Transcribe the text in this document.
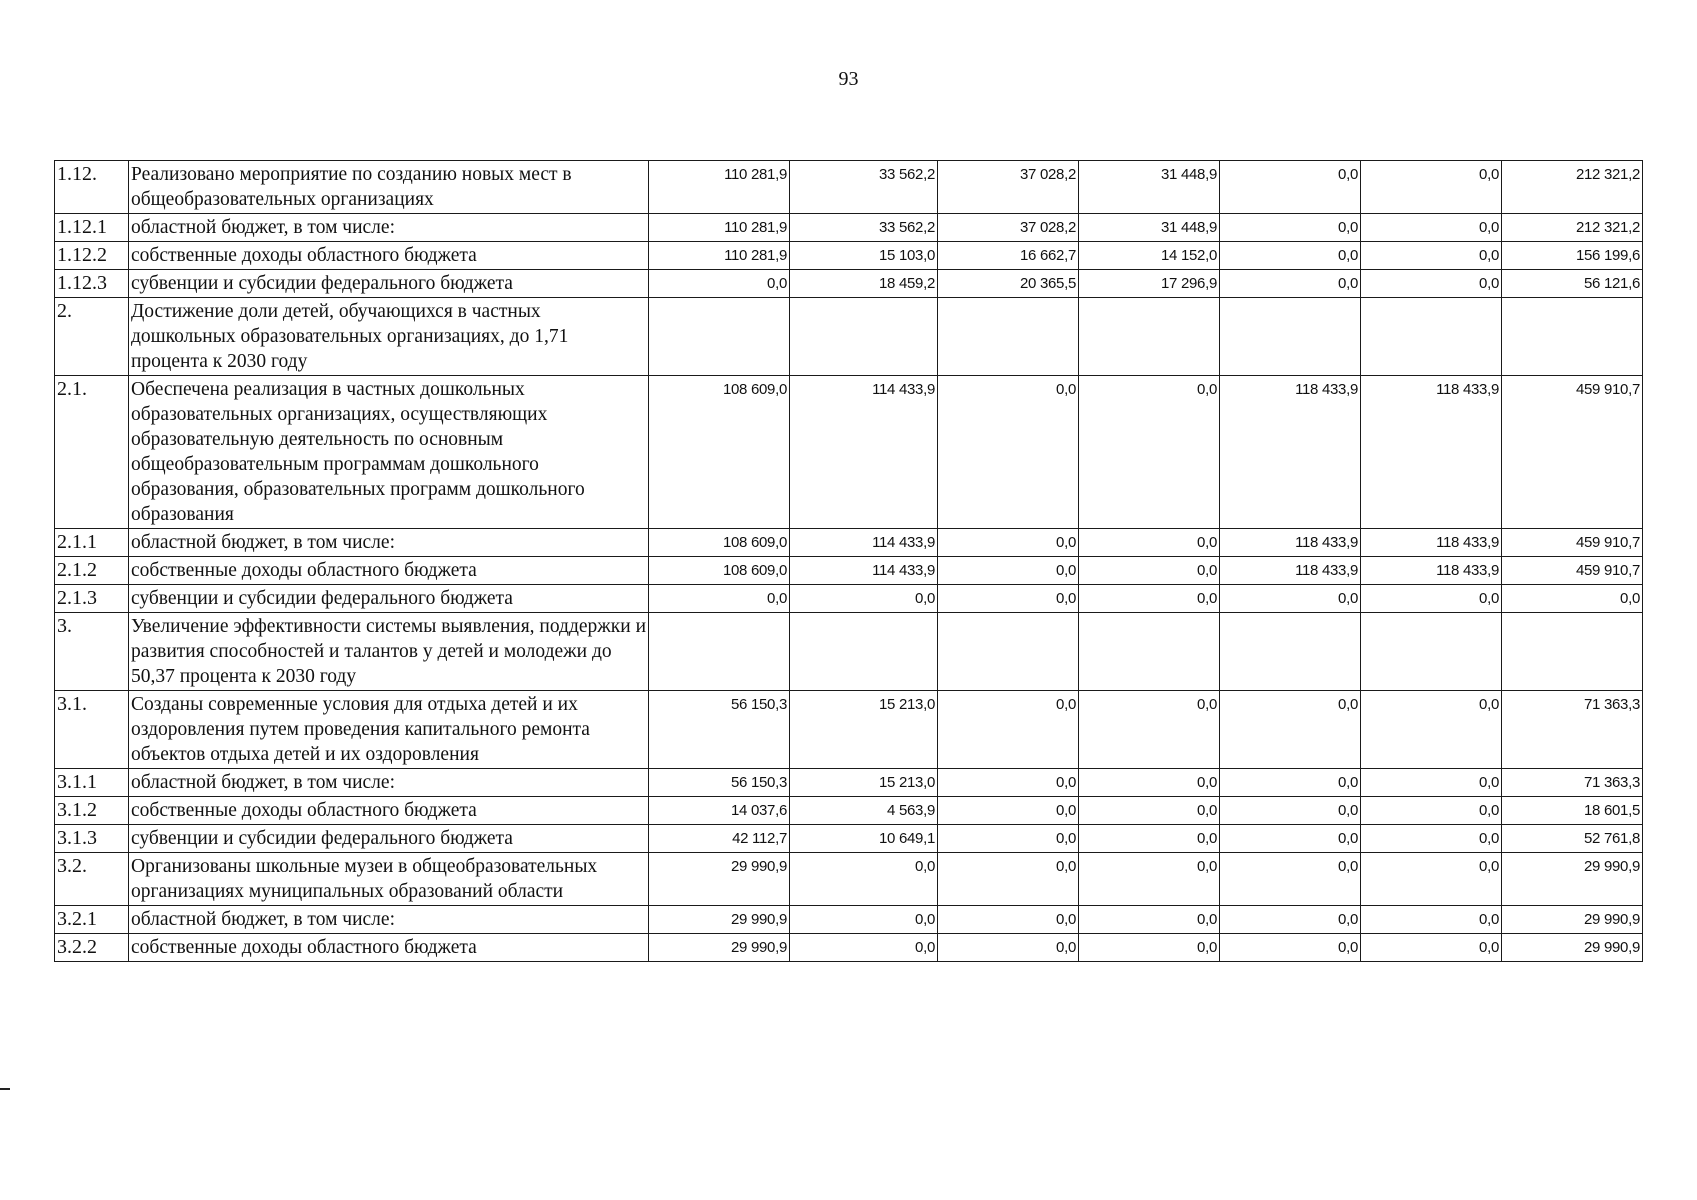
93
1.12.	Реализовано мероприятие по созданию новых мест в общеобразовательных организациях	110 281,9	33 562,2	37 028,2	31 448,9	0,0	0,0	212 321,2
1.12.1	областной бюджет, в том числе:	110 281,9	33 562,2	37 028,2	31 448,9	0,0	0,0	212 321,2
1.12.2	собственные доходы областного бюджета	110 281,9	15 103,0	16 662,7	14 152,0	0,0	0,0	156 199,6
1.12.3	субвенции и субсидии федерального бюджета	0,0	18 459,2	20 365,5	17 296,9	0,0	0,0	56 121,6
2.	Достижение доли детей, обучающихся в частных дошкольных образовательных организациях, до 1,71 процента к 2030 году							
2.1.	Обеспечена реализация в частных дошкольных образовательных организациях, осуществляющих образовательную деятельность по основным общеобразовательным программам дошкольного образования, образовательных программ дошкольного образования	108 609,0	114 433,9	0,0	0,0	118 433,9	118 433,9	459 910,7
2.1.1	областной бюджет, в том числе:	108 609,0	114 433,9	0,0	0,0	118 433,9	118 433,9	459 910,7
2.1.2	собственные доходы областного бюджета	108 609,0	114 433,9	0,0	0,0	118 433,9	118 433,9	459 910,7
2.1.3	субвенции и субсидии федерального бюджета	0,0	0,0	0,0	0,0	0,0	0,0	0,0
3.	Увеличение эффективности системы выявления, поддержки и развития способностей и талантов у детей и молодежи до 50,37 процента к 2030 году							
3.1.	Созданы современные условия для отдыха детей и их оздоровления путем проведения капитального ремонта объектов отдыха детей и их оздоровления	56 150,3	15 213,0	0,0	0,0	0,0	0,0	71 363,3
3.1.1	областной бюджет, в том числе:	56 150,3	15 213,0	0,0	0,0	0,0	0,0	71 363,3
3.1.2	собственные доходы областного бюджета	14 037,6	4 563,9	0,0	0,0	0,0	0,0	18 601,5
3.1.3	субвенции и субсидии федерального бюджета	42 112,7	10 649,1	0,0	0,0	0,0	0,0	52 761,8
3.2.	Организованы школьные музеи в общеобразовательных организациях муниципальных образований области	29 990,9	0,0	0,0	0,0	0,0	0,0	29 990,9
3.2.1	областной бюджет, в том числе:	29 990,9	0,0	0,0	0,0	0,0	0,0	29 990,9
3.2.2	собственные доходы областного бюджета	29 990,9	0,0	0,0	0,0	0,0	0,0	29 990,9
